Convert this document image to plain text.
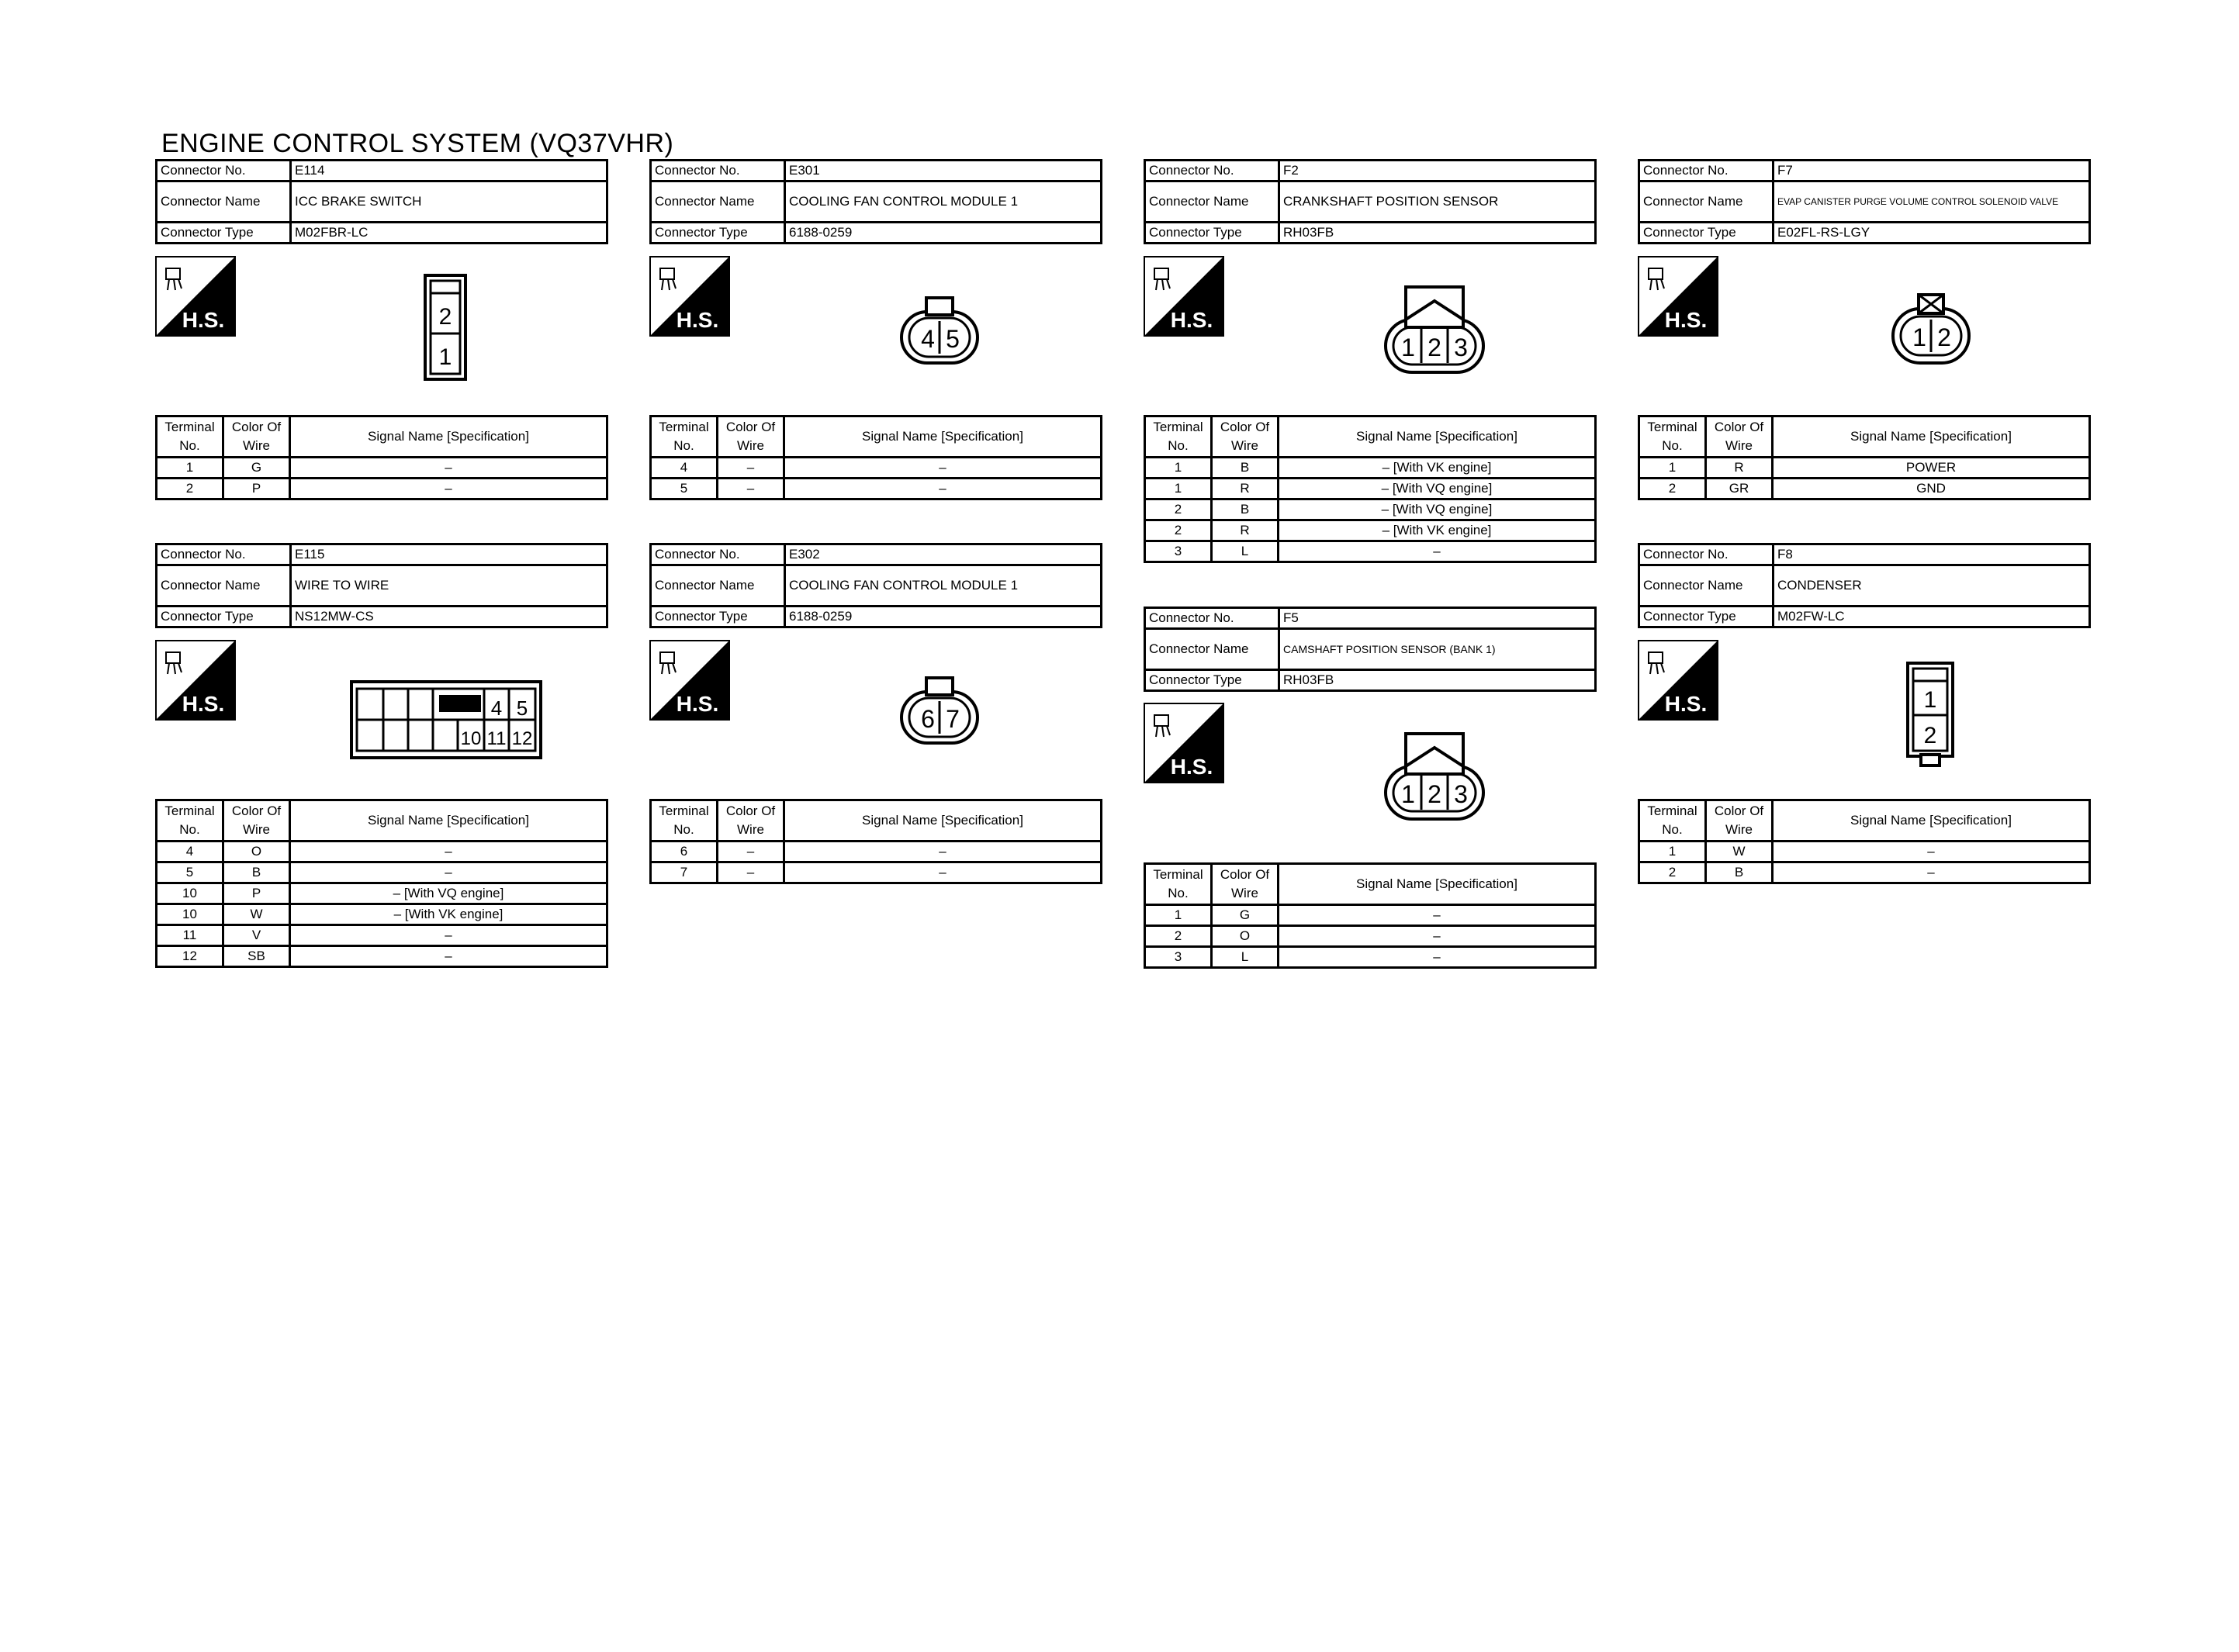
ENGINE CONTROL SYSTEM (VQ37VHR)
Connector No.	E114
Connector Name	ICC BRAKE SWITCH
Connector Type	M02FBR-LC
H.S.	2
1
Terminal
No.	Color Of
Wire	Signal Name [Specification]
1	G	–
2	P	–
Connector No.	E301
Connector Name	COOLING FAN CONTROL MODULE 1
Connector Type	6188-0259
H.S.
4 5
Terminal
No.	Color Of
Wire	Signal Name [Specification]
4	–	–
5	–	–
Connector No.	F2
Connector Name	CRANKSHAFT POSITION SENSOR
Connector Type	RH03FB
H.S.
1 2 3
Terminal
No.	Color Of
Wire	Signal Name [Specification]
1	B	– [With VK engine]
1	R	– [With VQ engine]
2	B	– [With VQ engine]
2	R	– [With VK engine]
3	L	–
Connector No.	F7
Connector Name	EVAP CANISTER PURGE VOLUME CONTROL SOLENOID VALVE
Connector Type	E02FL-RS-LGY
H.S.
1 2
Terminal
No.	Color Of
Wire	Signal Name [Specification]
1	R	POWER
2	GR	GND
Connector No.	E115
Connector Name	WIRE TO WIRE
Connector Type	NS12MW-CS
H.S.	4 5
10 11 12
Terminal
No.	Color Of
Wire	Signal Name [Specification]
4	O	–
5	B	–
10	P	– [With VQ engine]
10	W	– [With VK engine]
11	V	–
12	SB	–
Connector No.	E302
Connector Name	COOLING FAN CONTROL MODULE 1
Connector Type	6188-0259
H.S.
6 7
Terminal
No.	Color Of
Wire	Signal Name [Specification]
6	–	–
7	–	–
Connector No.	F5
Connector Name	CAMSHAFT POSITION SENSOR (BANK 1)
Connector Type	RH03FB
H.S.
1 2 3
Terminal
No.	Color Of
Wire	Signal Name [Specification]
1	G	–
2	O	–
3	L	–
Connector No.	F8
Connector Name	CONDENSER
Connector Type	M02FW-LC
H.S.	1
2
Terminal
No.	Color Of
Wire	Signal Name [Specification]
1	W	–
2	B	–
